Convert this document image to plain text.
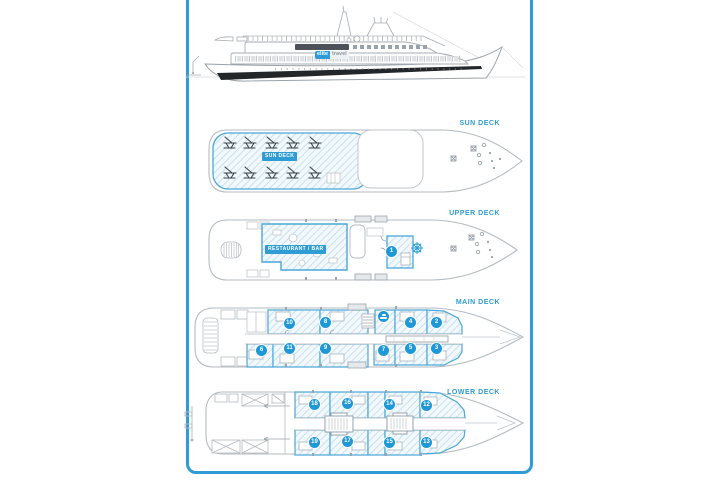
elite travel
SUN DECK
SUN DECK
RESTAURANT / BAR
UPPER DECK
1
MAIN DECK
2
3
4
5
6	7
8
9
10
11
LOWER DECK
12
13
14
15
16
17
18
19
